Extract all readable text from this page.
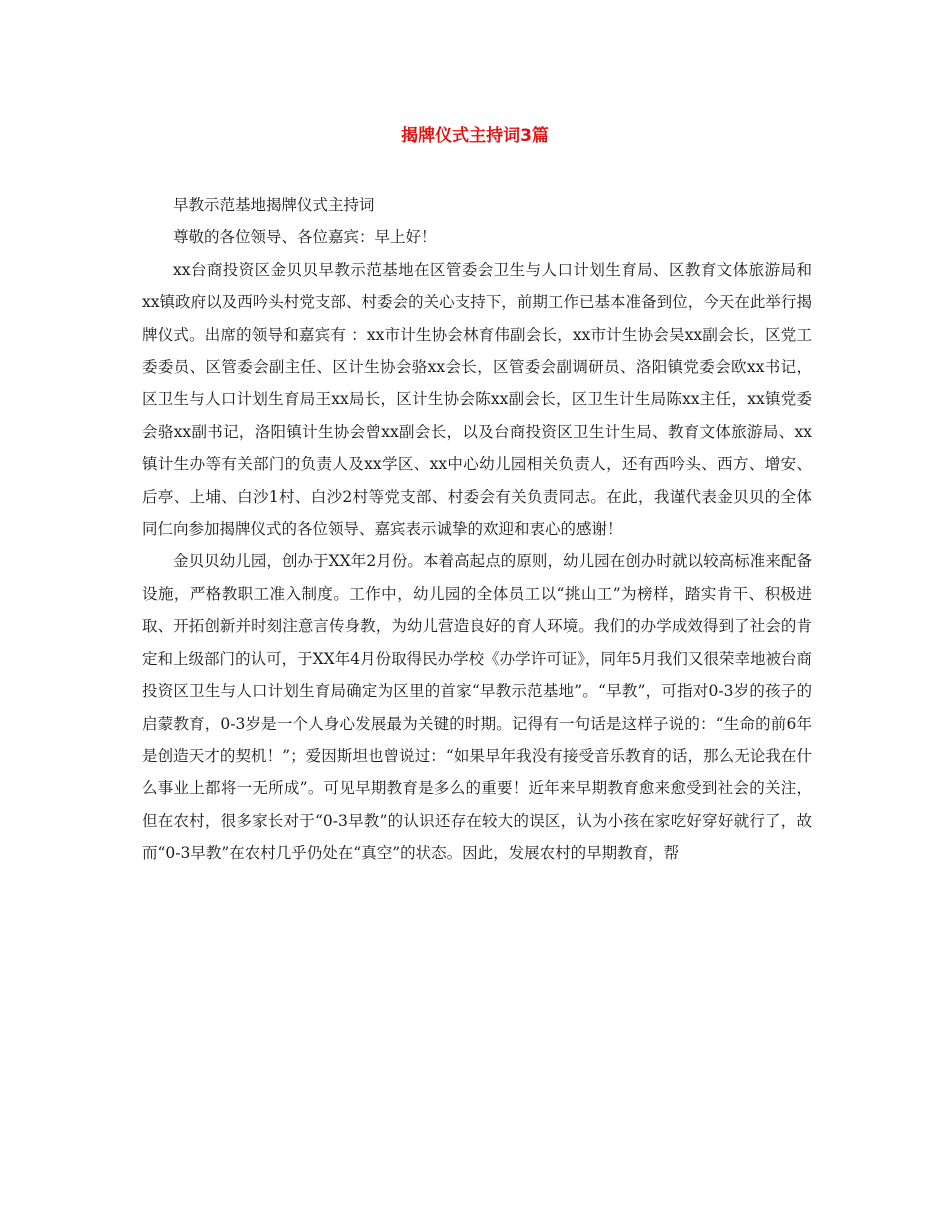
揭牌仪式主持词3篇

早教示范基地揭牌仪式主持词

尊敬的各位领导、各位嘉宾：早上好！

xx台商投资区金贝贝早教示范基地在区管委会卫生与人口计划生育局、区教育文体旅游局和xx镇政府以及西吟头村党支部、村委会的关心支持下，前期工作已基本准备到位，今天在此举行揭牌仪式。出席的领导和嘉宾有 ：xx市计生协会林育伟副会长，xx市计生协会吴xx副会长，区党工委委员、区管委会副主任、区计生协会骆xx会长，区管委会副调研员、洛阳镇党委会欧xx书记，区卫生与人口计划生育局王xx局长，区计生协会陈xx副会长，区卫生计生局陈xx主任，xx镇党委会骆xx副书记，洛阳镇计生协会曾xx副会长，以及台商投资区卫生计生局、教育文体旅游局、xx镇计生办等有关部门的负责人及xx学区、xx中心幼儿园相关负责人，还有西吟头、西方、增安、后亭、上埔、白沙1村、白沙2村等党支部、村委会有关负责同志。在此，我谨代表金贝贝的全体同仁向参加揭牌仪式的各位领导、嘉宾表示诚挚的欢迎和衷心的感谢！

金贝贝幼儿园，创办于XX年2月份。本着高起点的原则，幼儿园在创办时就以较高标准来配备设施，严格教职工准入制度。工作中，幼儿园的全体员工以“挑山工”为榜样，踏实肯干、积极进取、开拓创新并时刻注意言传身教，为幼儿营造良好的育人环境。我们的办学成效得到了社会的肯定和上级部门的认可，于XX年4月份取得民办学校《办学许可证》，同年5月我们又很荣幸地被台商投资区卫生与人口计划生育局确定为区里的首家“早教示范基地”。“早教”，可指对0-3岁的孩子的启蒙教育，0-3岁是一个人身心发展最为关键的时期。记得有一句话是这样子说的：“生命的前6年是创造天才的契机！”；爱因斯坦也曾说过：“如果早年我没有接受音乐教育的话，那么无论我在什么事业上都将一无所成”。可见早期教育是多么的重要！近年来早期教育愈来愈受到社会的关注，但在农村，很多家长对于“0-3早教”的认识还存在较大的误区，认为小孩在家吃好穿好就行了，故而“0-3早教”在农村几乎仍处在“真空”的状态。因此，发展农村的早期教育，帮
